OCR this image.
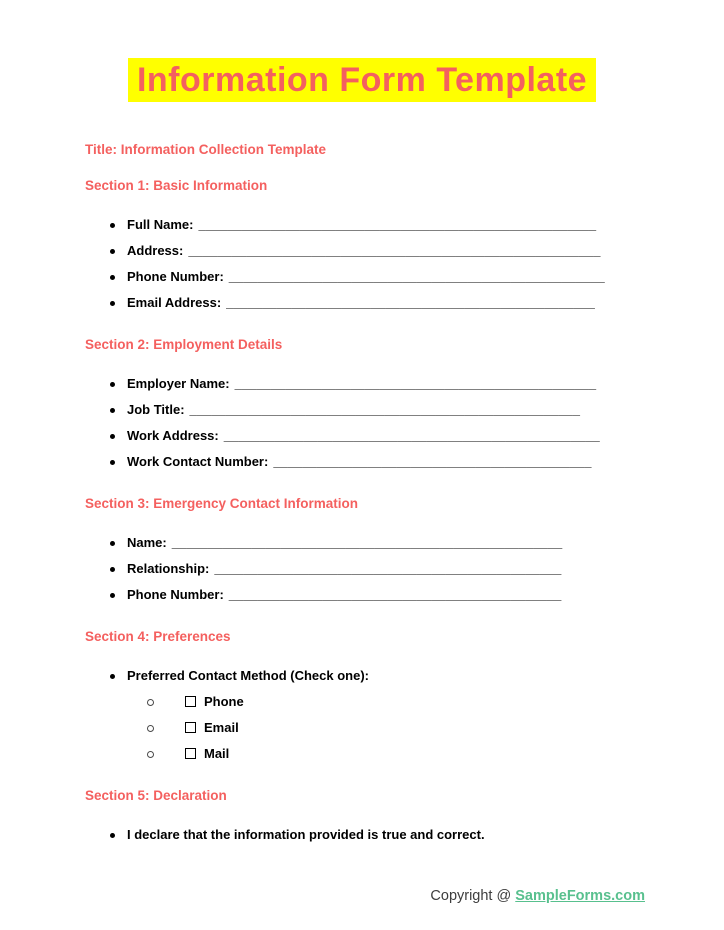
Information Form Template
Title: Information Collection Template
Section 1: Basic Information
Full Name: _______________________________________________________
Address: _________________________________________________________
Phone Number: ____________________________________________________
Email Address: ___________________________________________________
Section 2: Employment Details
Employer Name: __________________________________________________
Job Title: ______________________________________________________
Work Address: ____________________________________________________
Work Contact Number: ____________________________________________
Section 3: Emergency Contact Information
Name: ______________________________________________________
Relationship: ________________________________________________
Phone Number: ______________________________________________
Section 4: Preferences
Preferred Contact Method (Check one):
Phone
Email
Mail
Section 5: Declaration
I declare that the information provided is true and correct.
Copyright @ SampleForms.com
